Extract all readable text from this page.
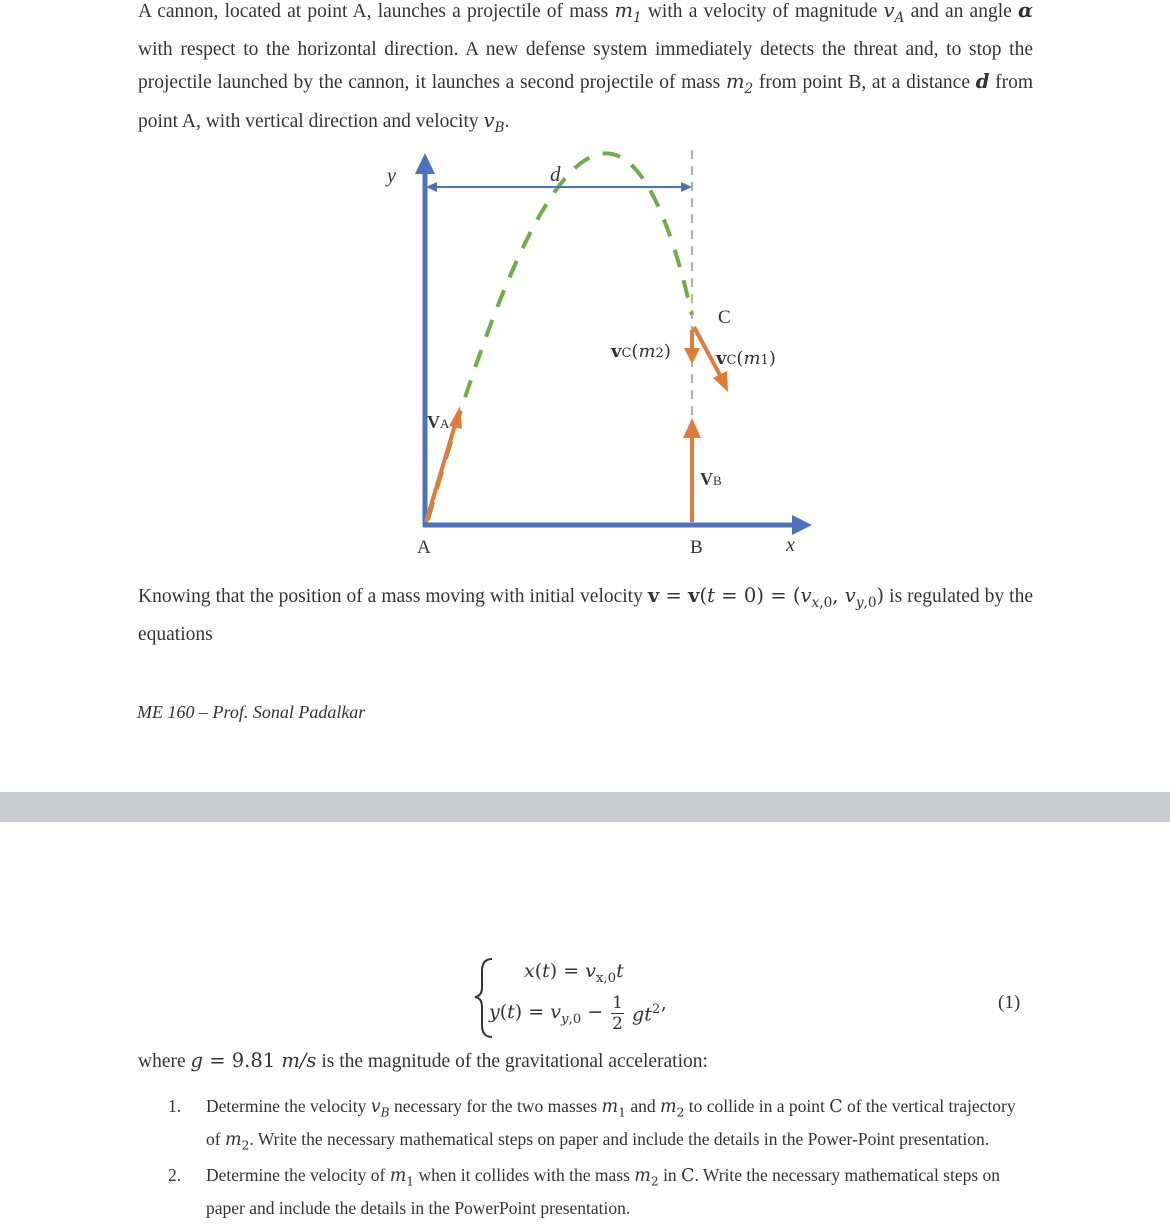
A cannon, located at point A, launches a projectile of mass $m_1$ with a velocity of magnitude $v_A$ and an angle α with respect to the horizontal direction. A new defense system immediately detects the threat and, to stop the projectile launched by the cannon, it launches a second projectile of mass $m_2$ from point B, at a distance d from point A, with vertical direction and velocity $v_B$.
y
x
d
A	B
C
VA
VB
vC(m2)	vC(m1)
Knowing that the position of a mass moving with initial velocity $v = v(t = 0) = (v_{x,0}$, $v_{y,0}$) is regulated by the equations
ME 160 – Prof. Sonal Padalkar
$x(t) = v_{x,0}t$
$y(t) = v_{y,0} - \frac{1}{2} gt^2$’
(1)
where g = 9.81 m/s is the magnitude of the gravitational acceleration:
1. Determine the velocity $v_B$ necessary for the two masses $m_1$ and $m_2$ to collide in a point C of the vertical trajectory of $m_2$. Write the necessary mathematical steps on paper and include the details in the Power-Point presentation.
2. Determine the velocity of $m_1$ when it collides with the mass $m_2$ in C. Write the necessary mathematical steps on paper and include the details in the PowerPoint presentation.
